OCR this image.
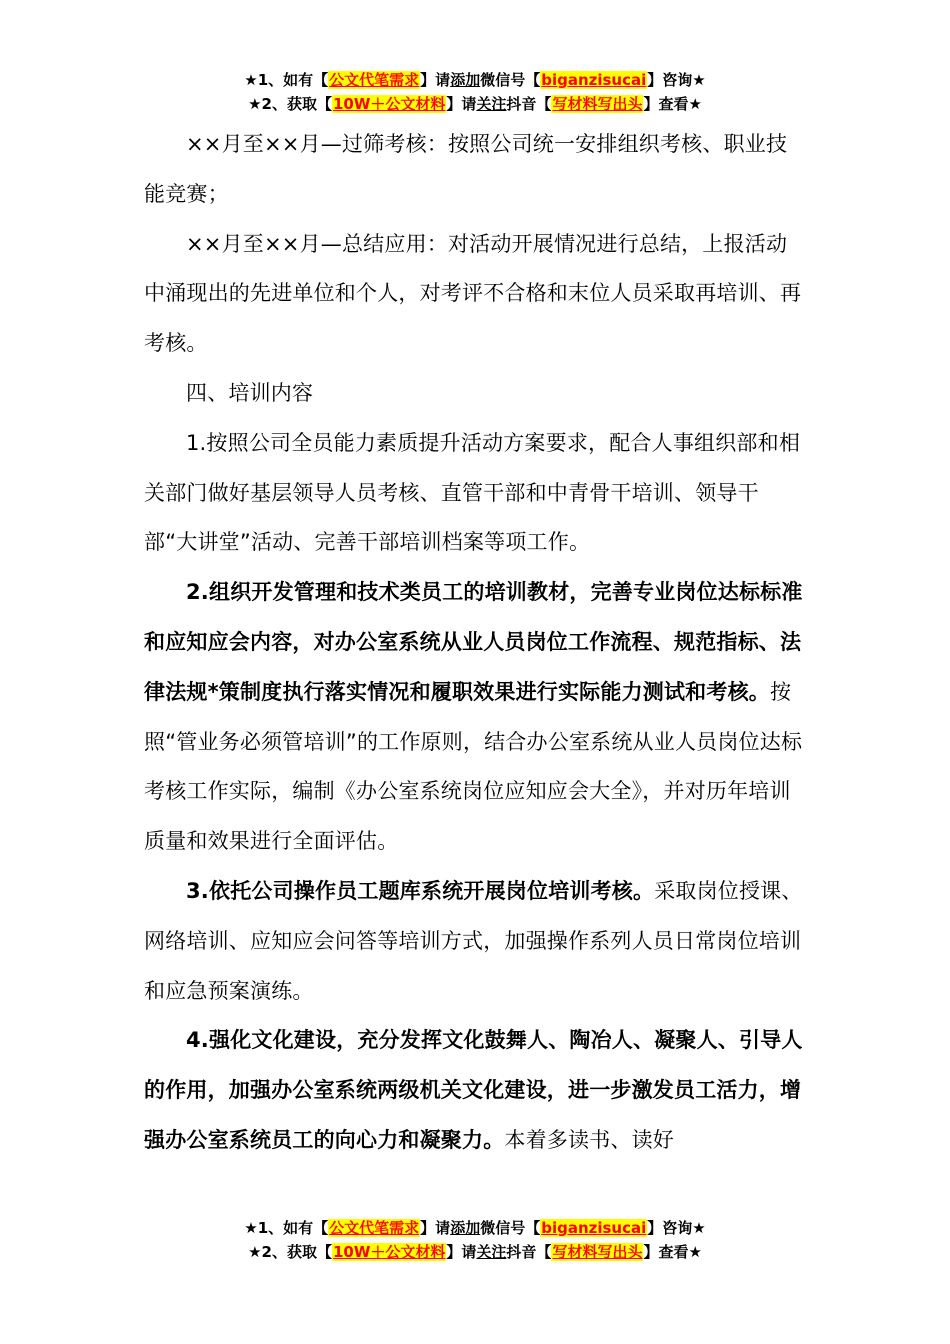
★1、如有【公文代笔需求】请添加微信号【biganzisucai】咨询★
★2、获取【10W＋公文材料】请关注抖音【写材料写出头】查看★

××月至××月—过筛考核：按照公司统一安排组织考核、职业技能竞赛；

××月至××月—总结应用：对活动开展情况进行总结，上报活动中涌现出的先进单位和个人，对考评不合格和末位人员采取再培训、再考核。

四、培训内容

1.按照公司全员能力素质提升活动方案要求，配合人事组织部和相关部门做好基层领导人员考核、直管干部和中青骨干培训、领导干部“大讲堂”活动、完善干部培训档案等项工作。

2.组织开发管理和技术类员工的培训教材，完善专业岗位达标标准和应知应会内容，对办公室系统从业人员岗位工作流程、规范指标、法律法规*策制度执行落实情况和履职效果进行实际能力测试和考核。按照“管业务必须管培训”的工作原则，结合办公室系统从业人员岗位达标考核工作实际，编制《办公室系统岗位应知应会大全》，并对历年培训质量和效果进行全面评估。

3.依托公司操作员工题库系统开展岗位培训考核。采取岗位授课、网络培训、应知应会问答等培训方式，加强操作系列人员日常岗位培训和应急预案演练。

4.强化文化建设，充分发挥文化鼓舞人、陶冶人、凝聚人、引导人的作用，加强办公室系统两级机关文化建设，进一步激发员工活力，增强办公室系统员工的向心力和凝聚力。本着多读书、读好

★1、如有【公文代笔需求】请添加微信号【biganzisucai】咨询★
★2、获取【10W＋公文材料】请关注抖音【写材料写出头】查看★
